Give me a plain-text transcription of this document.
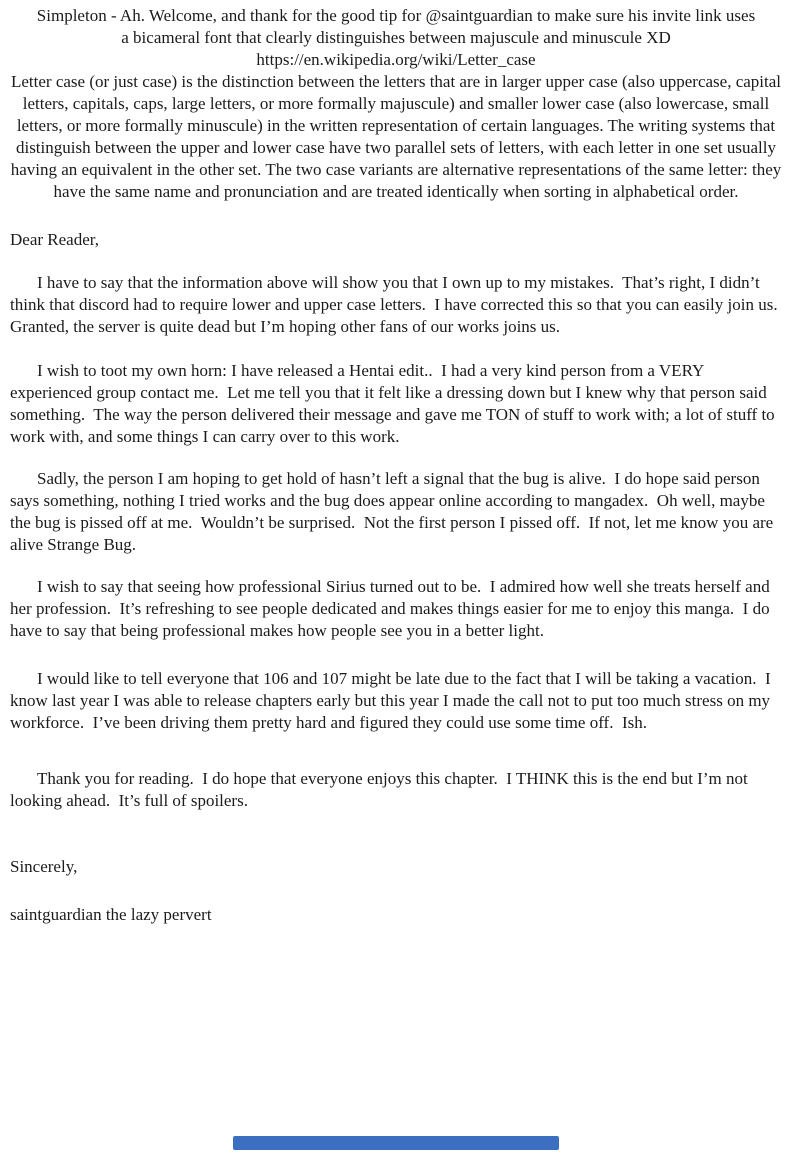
Simpleton - Ah. Welcome, and thank for the good tip for @saintguardian to make sure his invite link uses
a bicameral font that clearly distinguishes between majuscule and minuscule XD
https://en.wikipedia.org/wiki/Letter_case

Letter case (or just case) is the distinction between the letters that are in larger upper case (also uppercase, capital letters, capitals, caps, large letters, or more formally majuscule) and smaller lower case (also lowercase, small letters, or more formally minuscule) in the written representation of certain languages. The writing systems that distinguish between the upper and lower case have two parallel sets of letters, with each letter in one set usually having an equivalent in the other set. The two case variants are alternative representations of the same letter: they have the same name and pronunciation and are treated identically when sorting in alphabetical order.

Dear Reader,

I have to say that the information above will show you that I own up to my mistakes.  That’s right, I didn’t think that discord had to require lower and upper case letters.  I have corrected this so that you can easily join us.  Granted, the server is quite dead but I’m hoping other fans of our works joins us.

I wish to toot my own horn: I have released a Hentai edit..  I had a very kind person from a VERY experienced group contact me.  Let me tell you that it felt like a dressing down but I knew why that person said something.  The way the person delivered their message and gave me TON of stuff to work with; a lot of stuff to work with, and some things I can carry over to this work.

Sadly, the person I am hoping to get hold of hasn’t left a signal that the bug is alive.  I do hope said person says something, nothing I tried works and the bug does appear online according to mangadex.  Oh well, maybe the bug is pissed off at me.  Wouldn’t be surprised.  Not the first person I pissed off.  If not, let me know you are alive Strange Bug.

I wish to say that seeing how professional Sirius turned out to be.  I admired how well she treats herself and her profession.  It’s refreshing to see people dedicated and makes things easier for me to enjoy this manga.  I do have to say that being professional makes how people see you in a better light.

I would like to tell everyone that 106 and 107 might be late due to the fact that I will be taking a vacation.  I know last year I was able to release chapters early but this year I made the call not to put too much stress on my workforce.  I’ve been driving them pretty hard and figured they could use some time off.  Ish.

Thank you for reading.  I do hope that everyone enjoys this chapter.  I THINK this is the end but I’m not looking ahead.  It’s full of spoilers.

Sincerely,
saintguardian the lazy pervert
